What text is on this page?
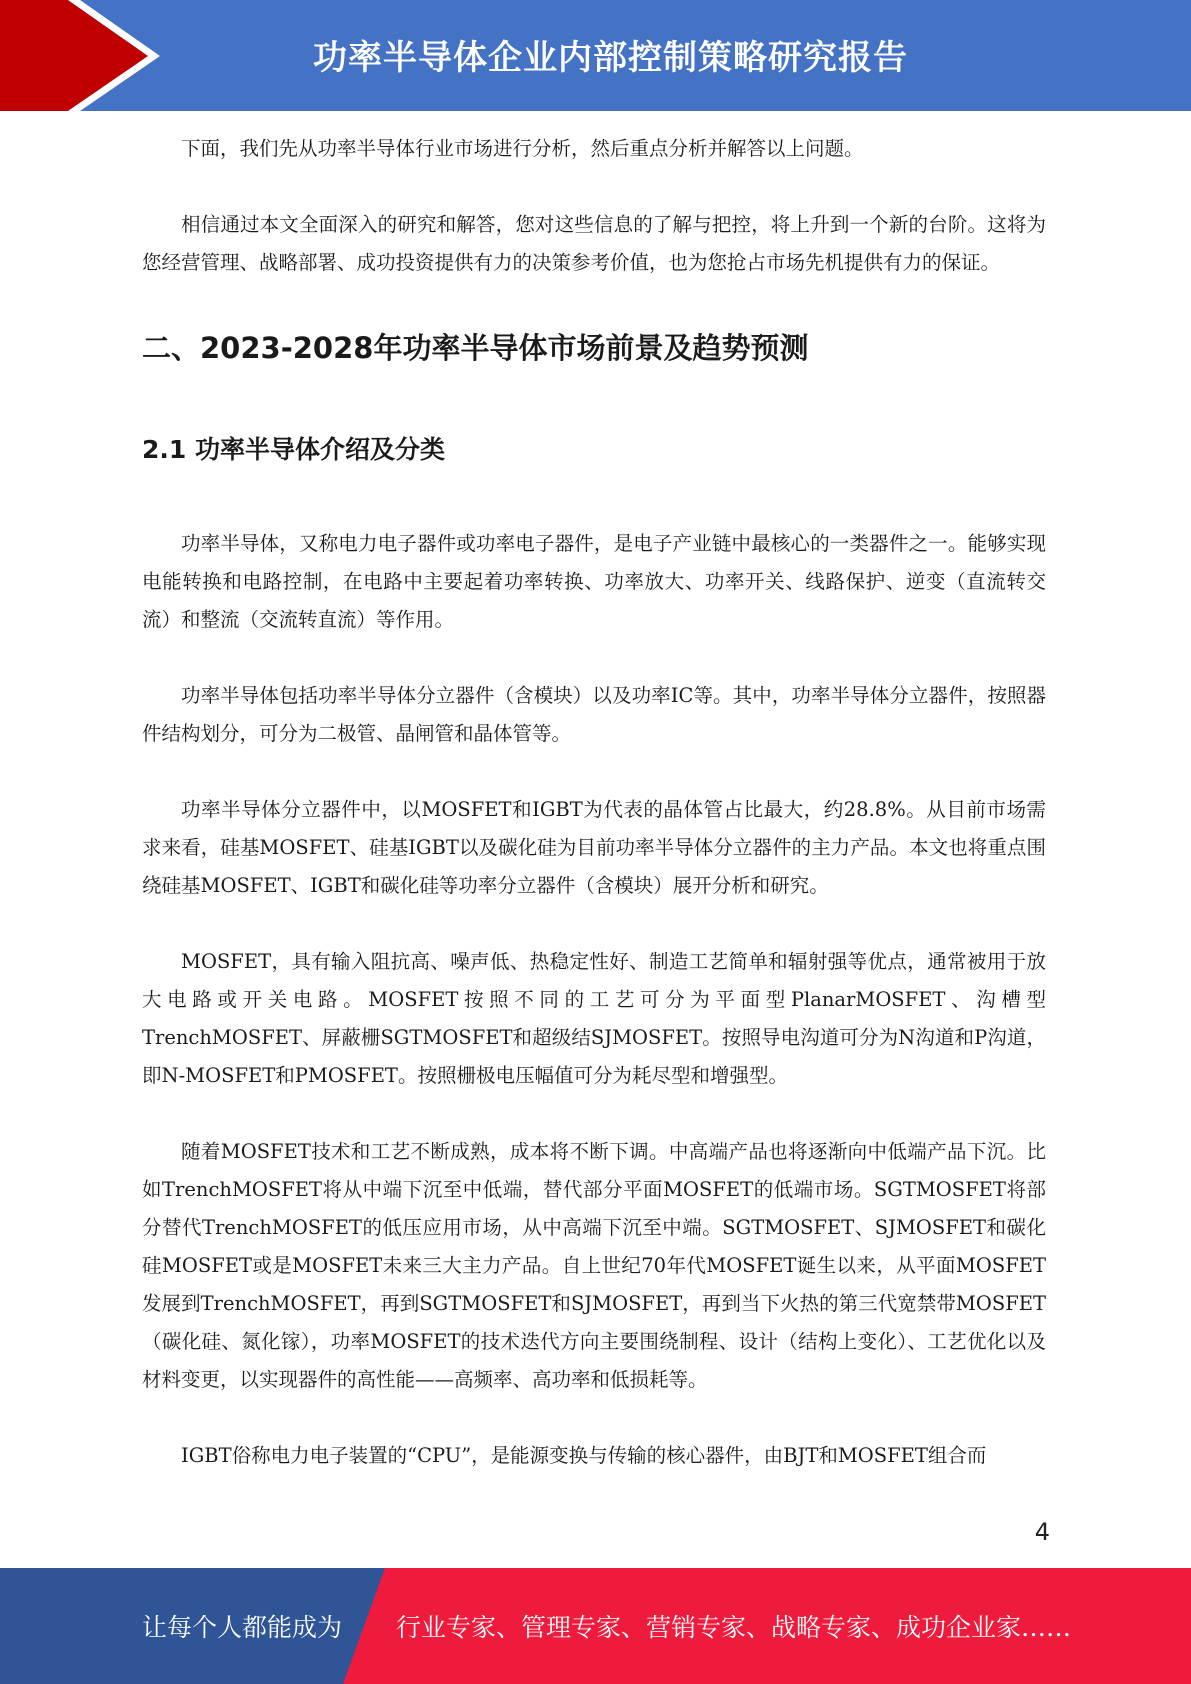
功率半导体企业内部控制策略研究报告

下面，我们先从功率半导体行业市场进行分析，然后重点分析并解答以上问题。

相信通过本文全面深入的研究和解答，您对这些信息的了解与把控，将上升到一个新的台阶。这将为您经营管理、战略部署、成功投资提供有力的决策参考价值，也为您抢占市场先机提供有力的保证。

二、2023-2028年功率半导体市场前景及趋势预测
2.1 功率半导体介绍及分类

功率半导体，又称电力电子器件或功率电子器件，是电子产业链中最核心的一类器件之一。能够实现电能转换和电路控制，在电路中主要起着功率转换、功率放大、功率开关、线路保护、逆变（直流转交流）和整流（交流转直流）等作用。

功率半导体包括功率半导体分立器件（含模块）以及功率IC等。其中，功率半导体分立器件，按照器件结构划分，可分为二极管、晶闸管和晶体管等。

功率半导体分立器件中，以MOSFET和IGBT为代表的晶体管占比最大，约28.8%。从目前市场需求来看，硅基MOSFET、硅基IGBT以及碳化硅为目前功率半导体分立器件的主力产品。本文也将重点围绕硅基MOSFET、IGBT和碳化硅等功率分立器件（含模块）展开分析和研究。

MOSFET，具有输入阻抗高、噪声低、热稳定性好、制造工艺简单和辐射强等优点，通常被用于放大电路或开关电路。MOSFET按照不同的工艺可分为平面型PlanarMOSFET、沟槽型TrenchMOSFET、屏蔽栅SGTMOSFET和超级结SJMOSFET。按照导电沟道可分为N沟道和P沟道，即N-MOSFET和PMOSFET。按照栅极电压幅值可分为耗尽型和增强型。

随着MOSFET技术和工艺不断成熟，成本将不断下调。中高端产品也将逐渐向中低端产品下沉。比如TrenchMOSFET将从中端下沉至中低端，替代部分平面MOSFET的低端市场。SGTMOSFET将部分替代TrenchMOSFET的低压应用市场，从中高端下沉至中端。SGTMOSFET、SJMOSFET和碳化硅MOSFET或是MOSFET未来三大主力产品。自上世纪70年代MOSFET诞生以来，从平面MOSFET发展到TrenchMOSFET，再到SGTMOSFET和SJMOSFET，再到当下火热的第三代宽禁带MOSFET（碳化硅、氮化镓），功率MOSFET的技术迭代方向主要围绕制程、设计（结构上变化）、工艺优化以及材料变更，以实现器件的高性能——高频率、高功率和低损耗等。

IGBT俗称电力电子装置的“CPU”，是能源变换与传输的核心器件，由BJT和MOSFET组合而

4
让每个人都能成为 行业专家、管理专家、营销专家、战略专家、成功企业家……
